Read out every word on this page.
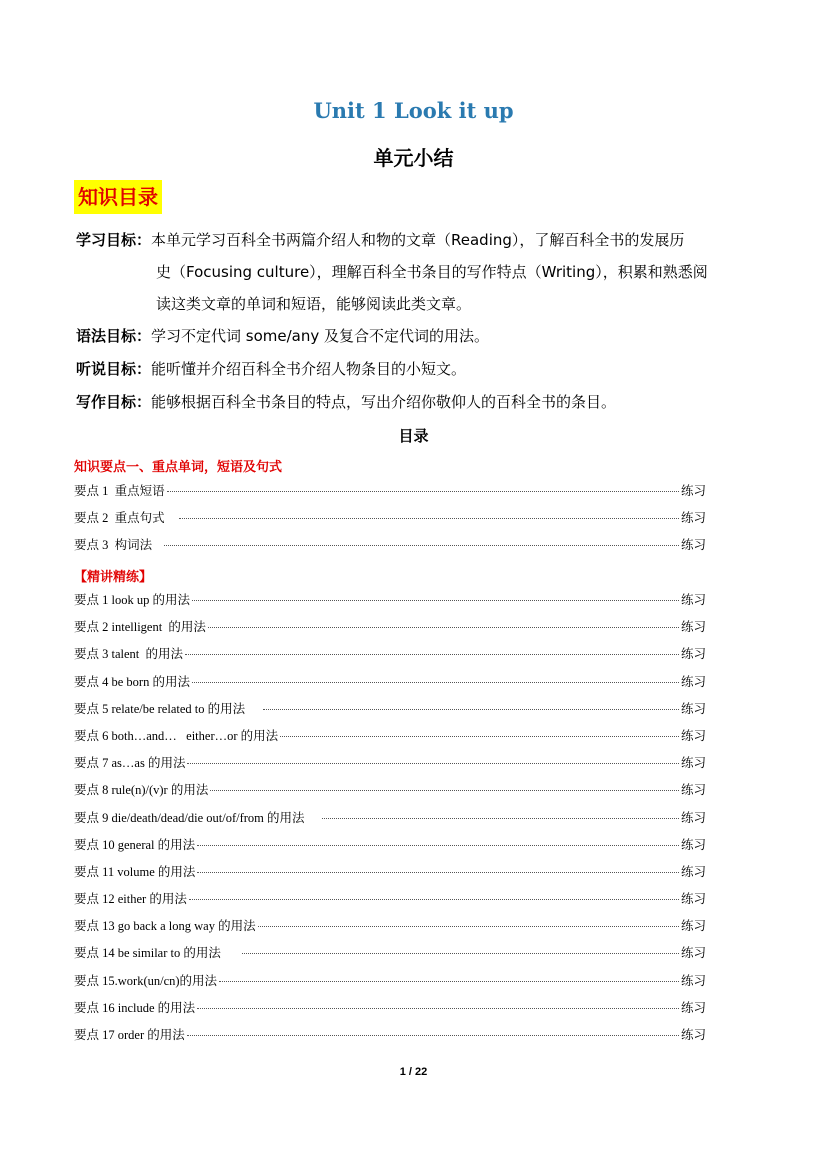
Unit 1 Look it up
单元小结
知识目录
学习目标：本单元学习百科全书两篇介绍人和物的文章（Reading），了解百科全书的发展历
史（Focusing culture），理解百科全书条目的写作特点（Writing），积累和熟悉阅
读这类文章的单词和短语，能够阅读此类文章。
语法目标：学习不定代词 some/any 及复合不定代词的用法。
听说目标：能听懂并介绍百科全书介绍人物条目的小短文。
写作目标：能够根据百科全书条目的特点，写出介绍你敬仰人的百科全书的条目。
目录
知识要点一、重点单词，短语及句式
要点 1  重点短语	练习
要点 2  重点句式	练习
要点 3  构词法	练习
【精讲精练】
要点 1 look up 的用法	练习
要点 2 intelligent  的用法	练习
要点 3 talent  的用法	练习
要点 4 be born 的用法	练习
要点 5 relate/be related to 的用法	练习
要点 6 both…and…   either…or 的用法	练习
要点 7 as…as 的用法	练习
要点 8 rule(n)/(v)r 的用法	练习
要点 9 die/death/dead/die out/of/from 的用法	练习
要点 10 general 的用法	练习
要点 11 volume 的用法	练习
要点 12 either 的用法	练习
要点 13 go back a long way 的用法	练习
要点 14 be similar to 的用法	练习
要点 15.work(un/cn)的用法	练习
要点 16 include 的用法	练习
要点 17 order 的用法	练习
1 / 22
